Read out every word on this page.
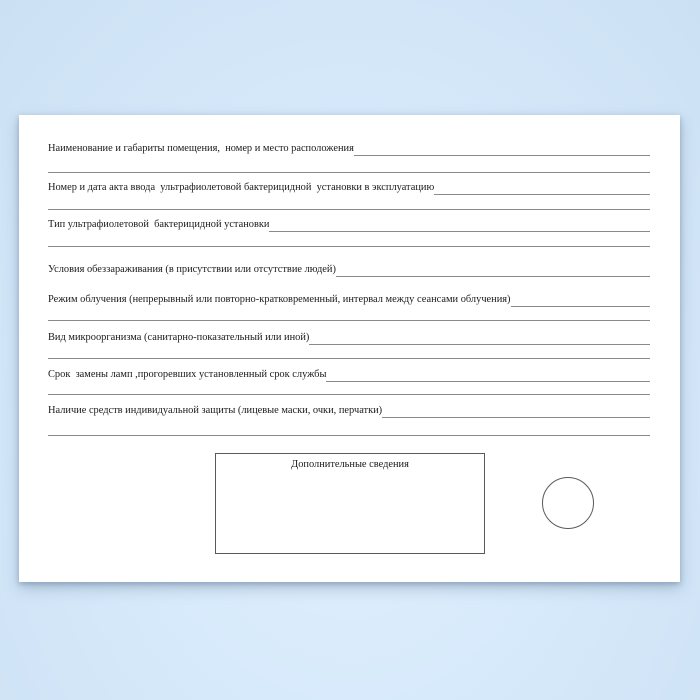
Наименование и габариты помещения,  номер и место расположения
Номер и дата акта ввода  ультрафиолетовой бактерицидной  установки в эксплуатацию
Тип ультрафиолетовой  бактерицидной установки
Условия обеззараживания (в присутствии или отсутствие людей)
Режим облучения (непрерывный или повторно-кратковременный, интервал между сеансами облучения)
Вид микроорганизма (санитарно-показательный или иной)
Срок  замены ламп ,прогоревших установленный срок службы
Наличие средств индивидуальной защиты (лицевые маски, очки, перчатки)
Дополнительные сведения
